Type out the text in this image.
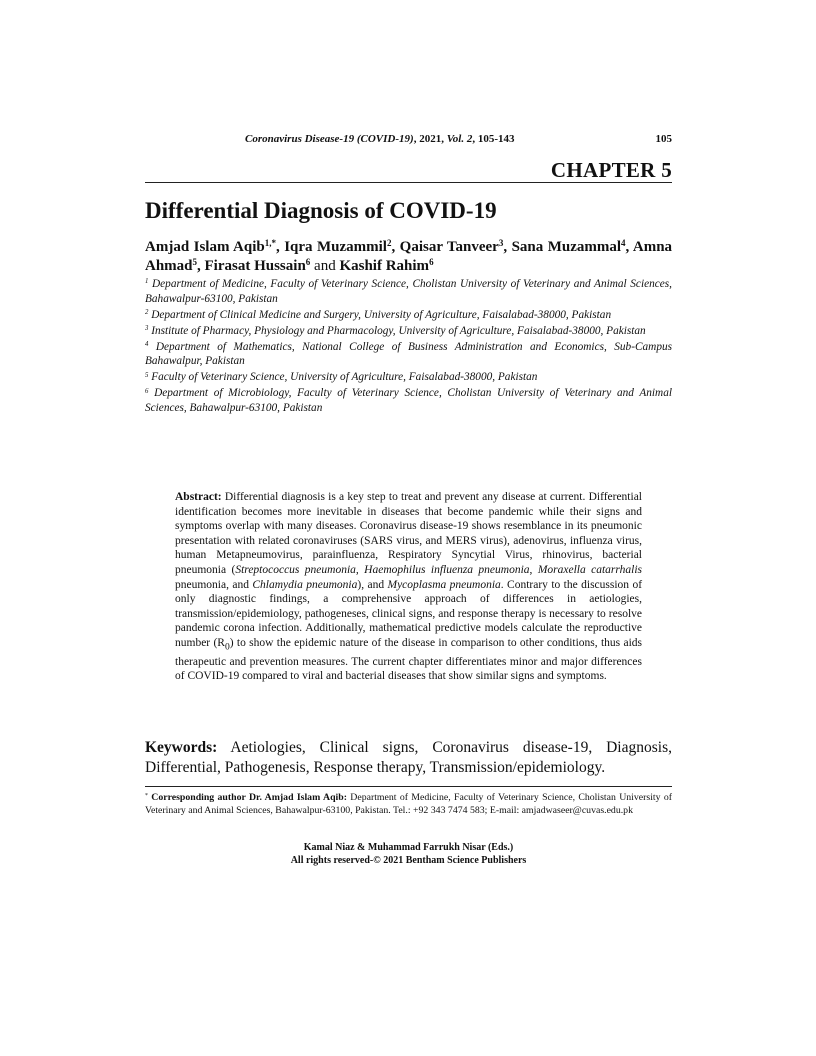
Coronavirus Disease-19 (COVID-19), 2021, Vol. 2, 105-143	105
CHAPTER 5
Differential Diagnosis of COVID-19
Amjad Islam Aqib$^{1,*}$, Iqra Muzammil$^2$, Qaisar Tanveer$^3$, Sana Muzammal$^4$, Amna Ahmad$^5$, Firasat Hussain$^6$ and Kashif Rahim$^6$

$^1$ Department of Medicine, Faculty of Veterinary Science, Cholistan University of Veterinary and Animal Sciences, Bahawalpur-63100, Pakistan

$^2$ Department of Clinical Medicine and Surgery, University of Agriculture, Faisalabad-38000, Pakistan

$^3$ Institute of Pharmacy, Physiology and Pharmacology, University of Agriculture, Faisalabad-38000, Pakistan

$^4$ Department of Mathematics, National College of Business Administration and Economics, Sub-Campus Bahawalpur, Pakistan

$^5$ Faculty of Veterinary Science, University of Agriculture, Faisalabad-38000, Pakistan

$^6$ Department of Microbiology, Faculty of Veterinary Science, Cholistan University of Veterinary and Animal Sciences, Bahawalpur-63100, Pakistan

Abstract: Differential diagnosis is a key step to treat and prevent any disease at current. Differential identification becomes more inevitable in diseases that become pandemic while their signs and symptoms overlap with many diseases. Coronavirus disease-19 shows resemblance in its pneumonic presentation with related coronaviruses (SARS virus, and MERS virus), adenovirus, influenza virus, human Metapneumovirus, parainfluenza, Respiratory Syncytial Virus, rhinovirus, bacterial pneumonia (Streptococcus pneumonia, Haemophilus influenza pneumonia, Moraxella catarrhalis pneumonia, and Chlamydia pneumonia), and Mycoplasma pneumonia. Contrary to the discussion of only diagnostic findings, a comprehensive approach of differences in aetiologies, transmission/epidemiology, pathogeneses, clinical signs, and response therapy is necessary to resolve pandemic corona infection. Additionally, mathematical predictive models calculate the reproductive number $(R_0)$ to show the epidemic nature of the disease in comparison to other conditions, thus aids therapeutic and prevention measures. The current chapter differentiates minor and major differences of COVID-19 compared to viral and bacterial diseases that show similar signs and symptoms.
Keywords: Aetiologies, Clinical signs, Coronavirus disease-19, Diagnosis, Differential, Pathogenesis, Response therapy, Transmission/epidemiology.
* Corresponding author Dr. Amjad Islam Aqib: Department of Medicine, Faculty of Veterinary Science, Cholistan University of Veterinary and Animal Sciences, Bahawalpur-63100, Pakistan. Tel.: +92 343 7474 583; E-mail: amjadwaseer@cuvas.edu.pk
Kamal Niaz & Muhammad Farrukh Nisar (Eds.)
All rights reserved-© 2021 Bentham Science Publishers
